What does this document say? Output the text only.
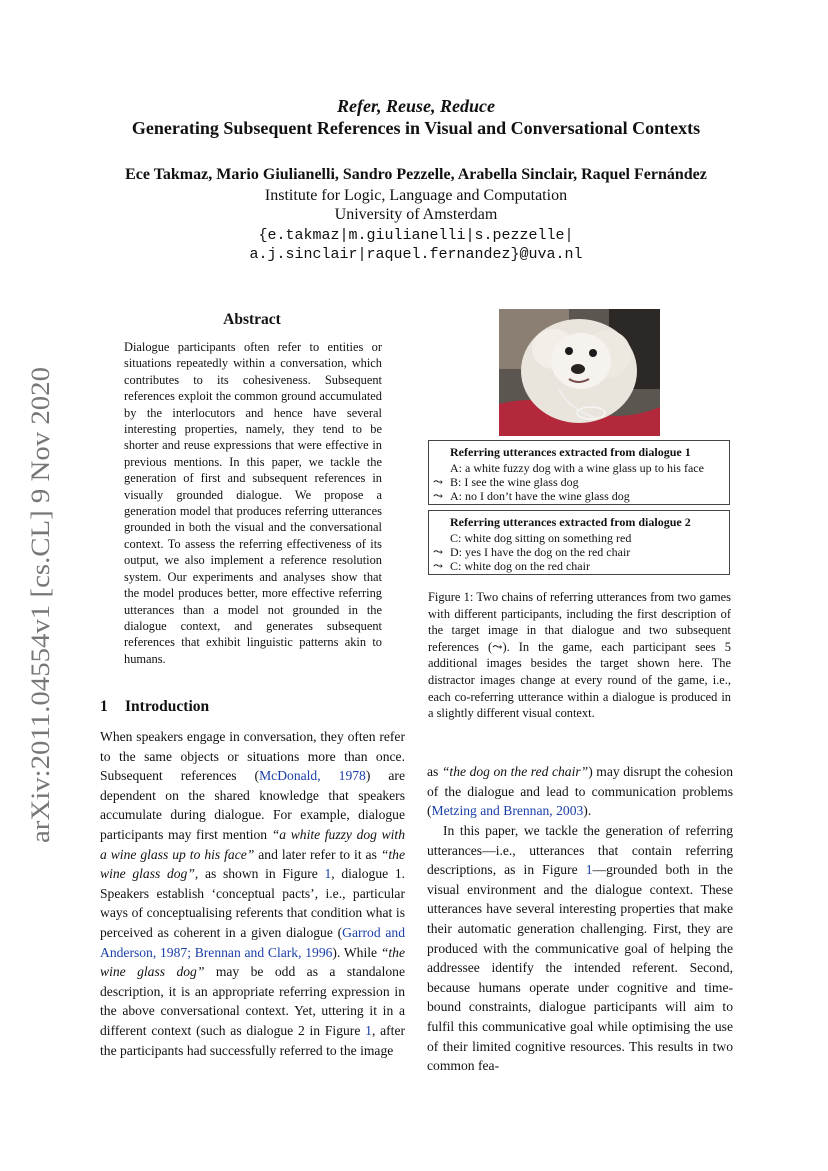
arXiv:2011.04554v1 [cs.CL] 9 Nov 2020
Refer, Reuse, Reduce
Generating Subsequent References in Visual and Conversational Contexts
Ece Takmaz, Mario Giulianelli, Sandro Pezzelle, Arabella Sinclair, Raquel Fernández
Institute for Logic, Language and Computation
University of Amsterdam
{e.takmaz|m.giulianelli|s.pezzelle|
a.j.sinclair|raquel.fernandez}@uva.nl
Abstract

Dialogue participants often refer to entities or situations repeatedly within a conversation, which contributes to its cohesiveness. Subsequent references exploit the common ground accumulated by the interlocutors and hence have several interesting properties, namely, they tend to be shorter and reuse expressions that were effective in previous mentions. In this paper, we tackle the generation of first and subsequent references in visually grounded dialogue. We propose a generation model that produces referring utterances grounded in both the visual and the conversational context. To assess the referring effectiveness of its output, we also implement a reference resolution system. Our experiments and analyses show that the model produces better, more effective referring utterances than a model not grounded in the dialogue context, and generates subsequent references that exhibit linguistic patterns akin to humans.

1 Introduction

When speakers engage in conversation, they often refer to the same objects or situations more than once. Subsequent references (McDonald, 1978) are dependent on the shared knowledge that speakers accumulate during dialogue. For example, dialogue participants may first mention “a white fuzzy dog with a wine glass up to his face” and later refer to it as “the wine glass dog”, as shown in Figure 1, dialogue 1. Speakers establish ‘conceptual pacts’, i.e., particular ways of conceptualising referents that condition what is perceived as coherent in a given dialogue (Garrod and Anderson, 1987; Brennan and Clark, 1996). While “the wine glass dog” may be odd as a standalone description, it is an appropriate referring expression in the above conversational context. Yet, uttering it in a different context (such as dialogue 2 in Figure 1, after the participants had successfully referred to the image

as “the dog on the red chair”) may disrupt the cohesion of the dialogue and lead to communication problems (Metzing and Brennan, 2003).

In this paper, we tackle the generation of referring utterances—i.e., utterances that contain referring descriptions, as in Figure 1—grounded both in the visual environment and the dialogue context. These utterances have several interesting properties that make their automatic generation challenging. First, they are produced with the communicative goal of helping the addressee identify the intended referent. Second, because humans operate under cognitive and time-bound constraints, dialogue participants will aim to fulfil this communicative goal while optimising the use of their limited cognitive resources. This results in two common fea-

Referring utterances extracted from dialogue 1
A: a white fuzzy dog with a wine glass up to his face
⤳ B: I see the wine glass dog
⤳ A: no I don’t have the wine glass dog
Referring utterances extracted from dialogue 2
C: white dog sitting on something red
⤳ D: yes I have the dog on the red chair
⤳ C: white dog on the red chair

Figure 1: Two chains of referring utterances from two games with different participants, including the first description of the target image in that dialogue and two subsequent references (⤳). In the game, each participant sees 5 additional images besides the target shown here. The distractor images change at every round of the game, i.e., each co-referring utterance within a dialogue is produced in a slightly different visual context.
